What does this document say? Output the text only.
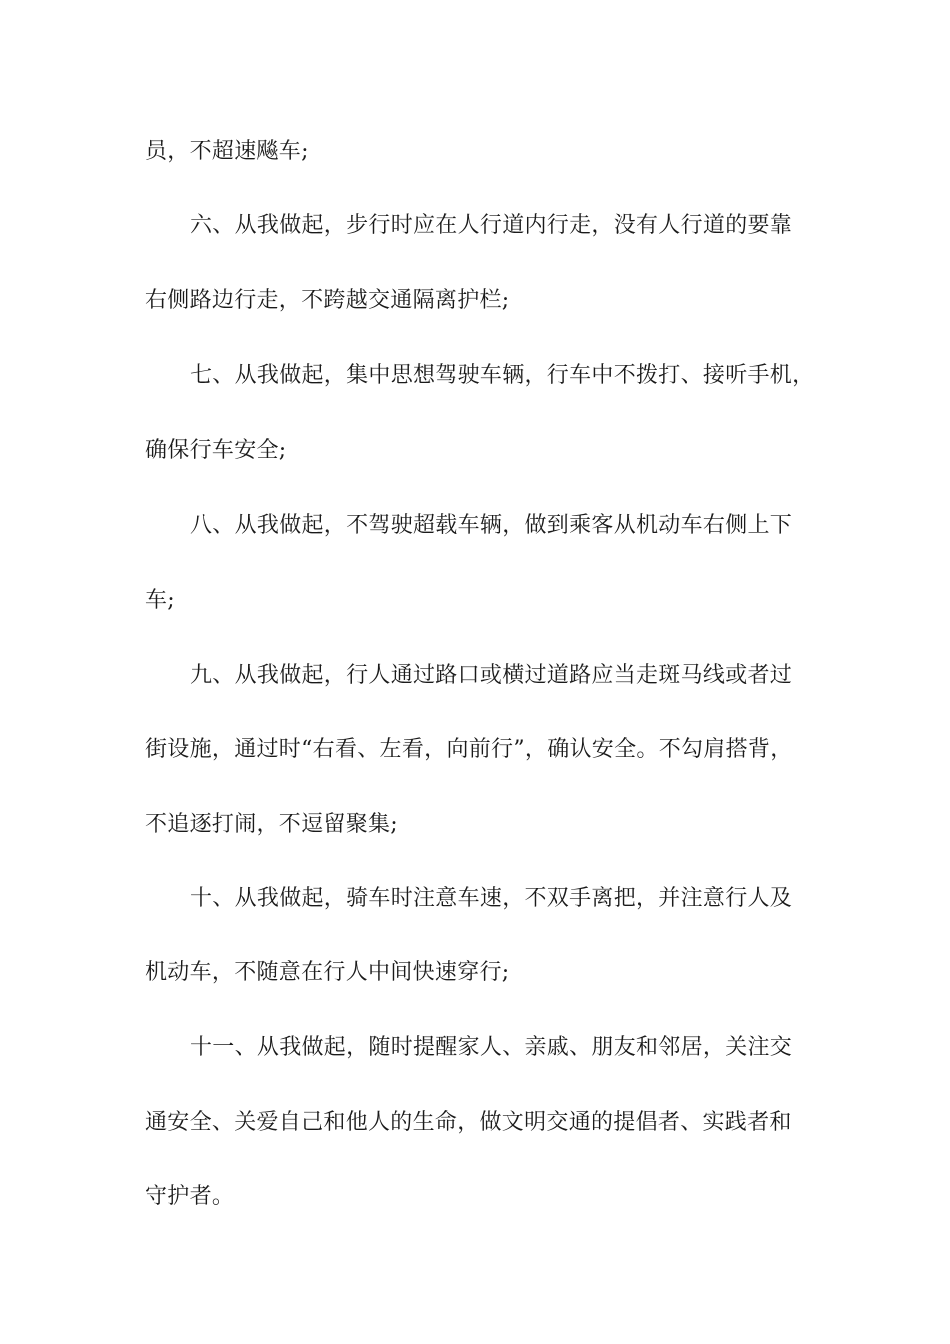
员，不超速飚车;
六、从我做起，步行时应在人行道内行走，没有人行道的要靠
右侧路边行走，不跨越交通隔离护栏;
七、从我做起，集中思想驾驶车辆，行车中不拨打、接听手机，
确保行车安全;
八、从我做起，不驾驶超载车辆，做到乘客从机动车右侧上下
车;
九、从我做起，行人通过路口或横过道路应当走斑马线或者过
街设施，通过时“右看、左看，向前行”，确认安全。不勾肩搭背，
不追逐打闹，不逗留聚集;
十、从我做起，骑车时注意车速，不双手离把，并注意行人及
机动车，不随意在行人中间快速穿行;
十一、从我做起，随时提醒家人、亲戚、朋友和邻居，关注交
通安全、关爱自己和他人的生命，做文明交通的提倡者、实践者和
守护者。
